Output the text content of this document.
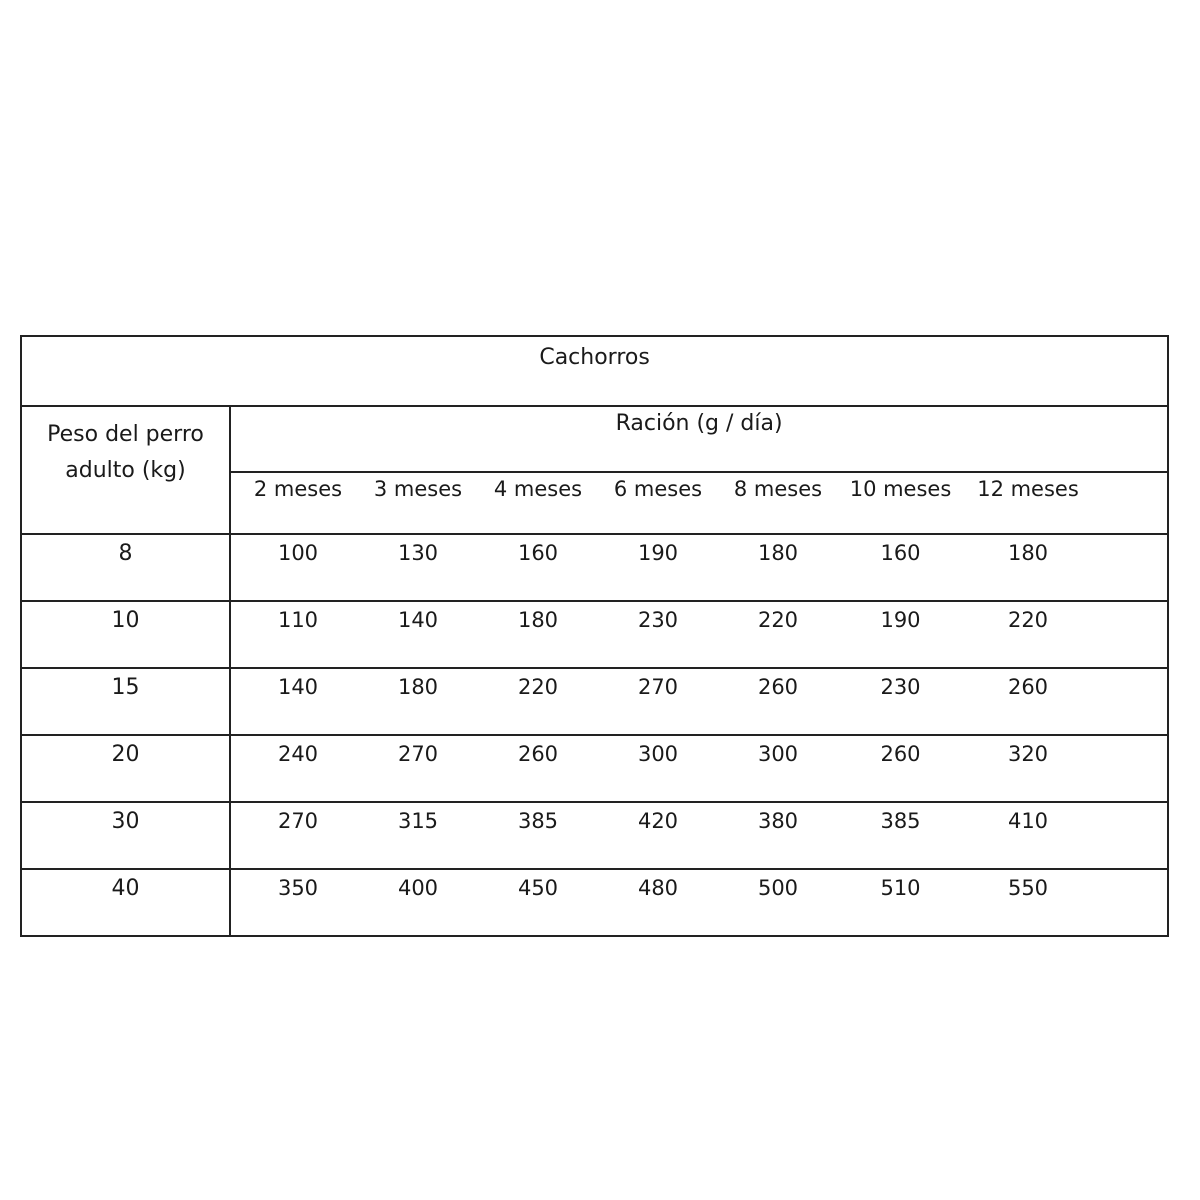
Cachorros									
Peso del perro
adulto (kg)	Ración (g / día)								
		2 meses	3 meses	4 meses	6 meses	8 meses	10 meses	12 meses	
8		100	130	160	190	180	160	180	
10		110	140	180	230	220	190	220	
15		140	180	220	270	260	230	260	
20		240	270	260	300	300	260	320	
30		270	315	385	420	380	385	410	
40		350	400	450	480	500	510	550	
